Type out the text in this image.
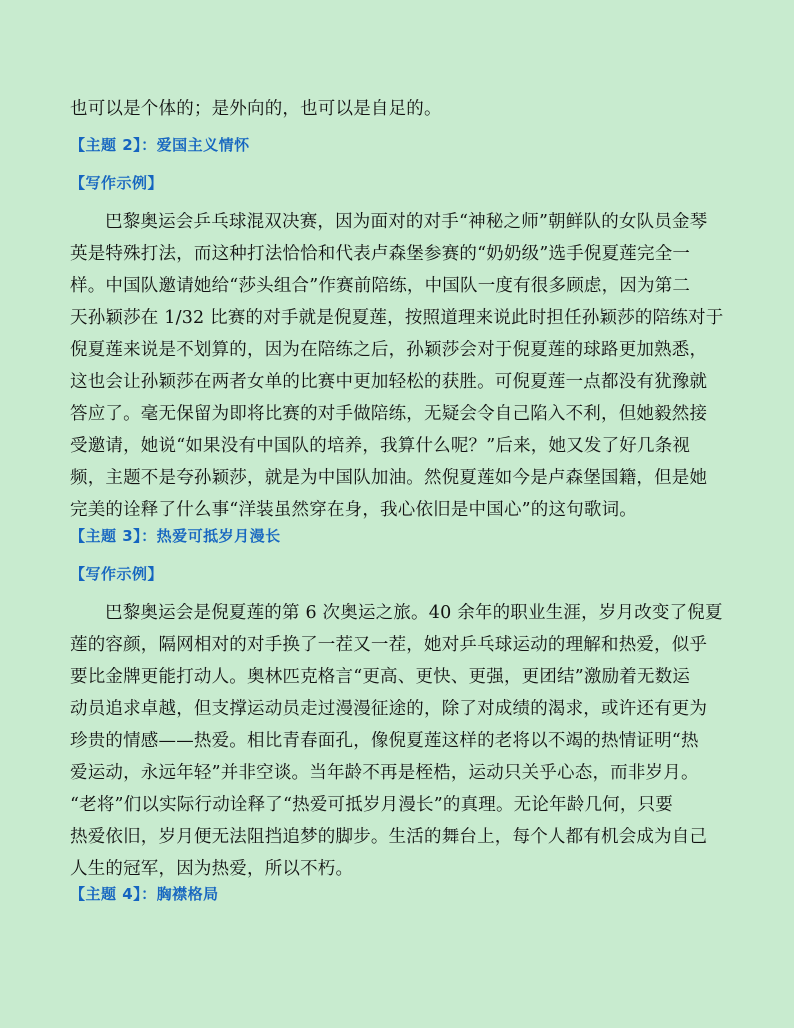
也可以是个体的；是外向的，也可以是自足的。
【主题 2】：爱国主义情怀
【写作示例】
巴黎奥运会乒乓球混双决赛，因为面对的对手“神秘之师”朝鲜队的女队员金琴
英是特殊打法，而这种打法恰恰和代表卢森堡参赛的“奶奶级”选手倪夏莲完全一
样。中国队邀请她给“莎头组合”作赛前陪练，中国队一度有很多顾虑，因为第二
天孙颖莎在 1/32 比赛的对手就是倪夏莲，按照道理来说此时担任孙颖莎的陪练对于
倪夏莲来说是不划算的，因为在陪练之后，孙颖莎会对于倪夏莲的球路更加熟悉，
这也会让孙颖莎在两者女单的比赛中更加轻松的获胜。可倪夏莲一点都没有犹豫就
答应了。毫无保留为即将比赛的对手做陪练，无疑会令自己陷入不利，但她毅然接
受邀请，她说“如果没有中国队的培养，我算什么呢？”后来，她又发了好几条视
频，主题不是夸孙颖莎，就是为中国队加油。然倪夏莲如今是卢森堡国籍，但是她
完美的诠释了什么事“洋装虽然穿在身，我心依旧是中国心”的这句歌词。
【主题 3】：热爱可抵岁月漫长
【写作示例】
巴黎奥运会是倪夏莲的第 6 次奥运之旅。40 余年的职业生涯，岁月改变了倪夏
莲的容颜，隔网相对的对手换了一茬又一茬，她对乒乓球运动的理解和热爱，似乎
要比金牌更能打动人。奥林匹克格言“更高、更快、更强，更团结”激励着无数运
动员追求卓越，但支撑运动员走过漫漫征途的，除了对成绩的渴求，或许还有更为
珍贵的情感——热爱。相比青春面孔，像倪夏莲这样的老将以不竭的热情证明“热
爱运动，永远年轻”并非空谈。当年龄不再是桎梏，运动只关乎心态，而非岁月。
“老将”们以实际行动诠释了“热爱可抵岁月漫长”的真理。无论年龄几何，只要
热爱依旧，岁月便无法阻挡追梦的脚步。生活的舞台上，每个人都有机会成为自己
人生的冠军，因为热爱，所以不朽。
【主题 4】：胸襟格局
